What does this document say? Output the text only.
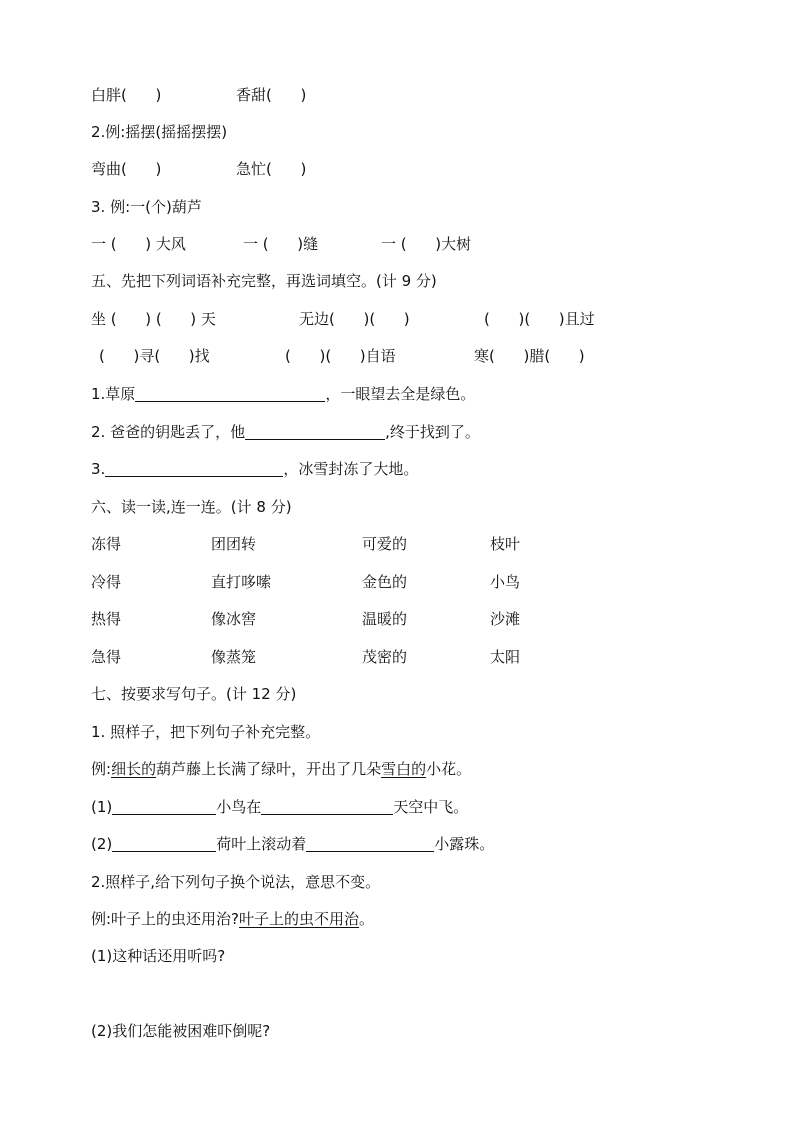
白胖(      )	香甜(      )
2.例:摇摆(摇摇摆摆)
弯曲(      )	急忙(      )
3. 例:一(个)葫芦
一 (      ) 大风	一 (      )缝	一 (      )大树
五、先把下列词语补充完整，再选词填空。(计 9 分)
坐 (      ) (      ) 天	无边(      )(      )	(      )(      )且过
(      )寻(      )找	(      )(      )自语	寒(      )腊(      )
1.草原	，一眼望去全是绿色。
2. 爸爸的钥匙丢了，他	,终于找到了。
3.	，冰雪封冻了大地。
六、读一读,连一连。(计 8 分)
冻得	团团转	可爱的	枝叶
冷得	直打哆嗦	金色的	小鸟
热得	像冰窖	温暖的	沙滩
急得	像蒸笼	茂密的	太阳
七、按要求写句子。(计 12 分)
1. 照样子，把下列句子补充完整。
例:细长的葫芦藤上长满了绿叶，开出了几朵雪白的小花。
(1)	小鸟在	天空中飞。
(2)	荷叶上滚动着	小露珠。
2.照样子,给下列句子换个说法，意思不变。
例:叶子上的虫还用治?叶子上的虫不用治。
(1)这种话还用听吗?
(2)我们怎能被困难吓倒呢?
